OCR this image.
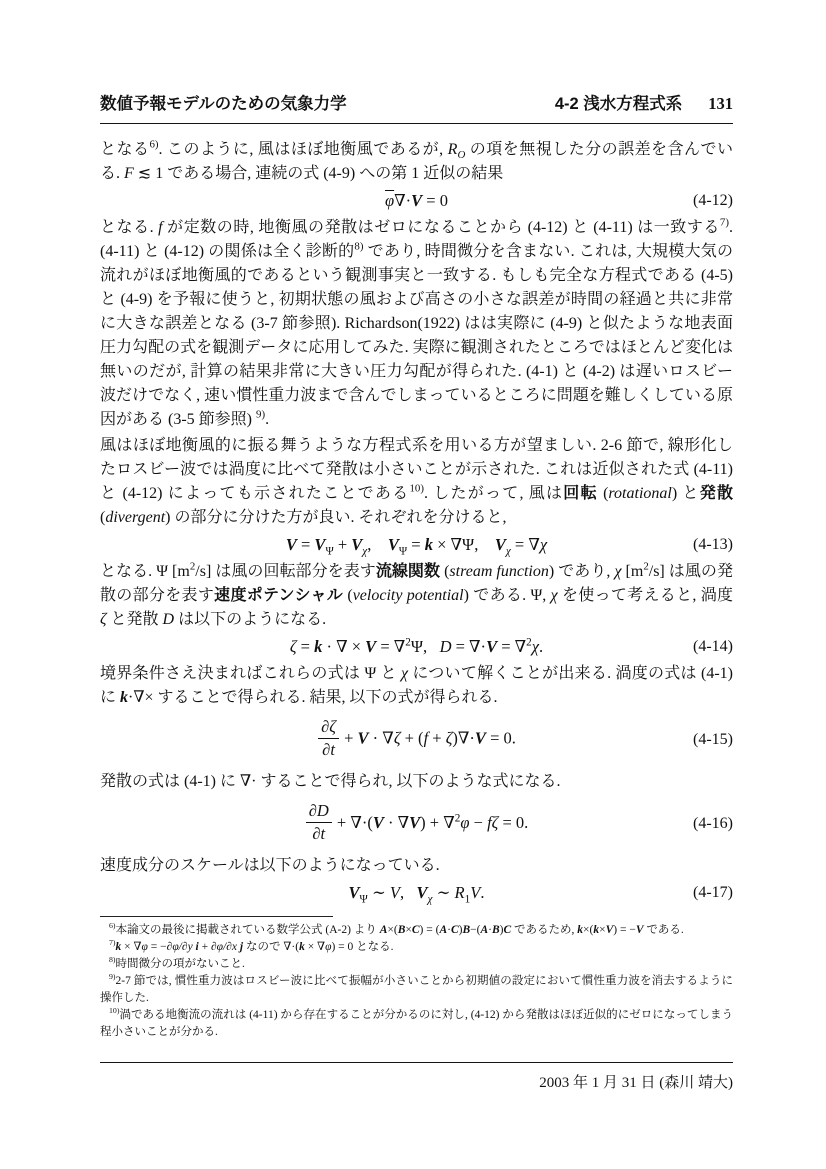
数値予報モデルのための気象力学	4-2 浅水方程式系 131

となる$^{6)}$. このように, 風はほぼ地衡風であるが, $R_O$ の項を無視した分の誤差を含んでいる. F ≲ 1 である場合, 連続の式 (4-9) への第 1 近似の結果

$\overline{\varphi}\nabla\cdot V = 0$	(4-12)

となる. f が定数の時, 地衡風の発散はゼロになることから (4-12) と (4-11) は一致する$^{7)}$. (4-11) と (4-12) の関係は全く診断的$^{8)}$ であり, 時間微分を含まない. これは, 大規模大気の流れがほぼ地衡風的であるという観測事実と一致する. もしも完全な方程式である (4-5) と (4-9) を予報に使うと, 初期状態の風および高さの小さな誤差が時間の経過と共に非常に大きな誤差となる (3-7 節参照). Richardson(1922) はは実際に (4-9) と似たような地表面圧力勾配の式を観測データに応用してみた. 実際に観測されたところではほとんど変化は無いのだが, 計算の結果非常に大きい圧力勾配が得られた. (4-1) と (4-2) は遅いロスビー波だけでなく, 速い慣性重力波まで含んでしまっているところに問題を難しくしている原因がある (3-5 節参照) $^{9)}$.

風はほぼ地衡風的に振る舞うような方程式系を用いる方が望ましい. 2-6 節で, 線形化したロスビー波では渦度に比べて発散は小さいことが示された. これは近似された式 (4-11) と (4-12) によっても示されたことである$^{10)}$. したがって, 風は回転 (rotational) と発散 (divergent) の部分に分けた方が良い. それぞれを分けると,

$V = V_\Psi + V_\chi$,    $V_\Psi = k \times \nabla\Psi$,    $V_\chi = \nabla\chi$	(4-13)

となる. Ψ $[m^2/s]$ は風の回転部分を表す流線関数 (stream function) であり, χ $[m^2/s]$ は風の発散の部分を表す速度ポテンシャル (velocity potential) である. Ψ, χ を使って考えると, 渦度 ζ と発散 D は以下のようになる.

ζ = k · ∇ × V = ∇$^2$Ψ,   D = ∇·V = ∇$^2$χ.	(4-14)

境界条件さえ決まればこれらの式は Ψ と χ について解くことが出来る. 渦度の式は (4-1) に k·∇× することで得られる. 結果, 以下の式が得られる.

$\frac{\partial\zeta}{\partial t} + V \cdot \nabla\zeta + (f + \zeta)\nabla\cdot V = 0$.	(4-15)

発散の式は (4-1) に ∇· することで得られ, 以下のような式になる.

$\frac{\partial D}{\partial t} + \nabla\cdot(V \cdot \nabla V) + \nabla^2\varphi - f\zeta = 0$.	(4-16)

速度成分のスケールは以下のようになっている.

$V_\Psi$ ∼ V,   $V_\chi$ ∼ $R_1V$.	(4-17)

$^{6)}$本論文の最後に掲載されている数学公式 (A-2) より A×(B×C) = (A·C)B−(A·B)C であるため, k×(k×V) = −V である.

$^{7)}$k × ∇φ = −∂φ/∂y i + ∂φ/∂x j なので ∇·(k × ∇φ) = 0 となる.

$^{8)}$時間微分の項がないこと.

$^{9)}$2-7 節では, 慣性重力波はロスビー波に比べて振幅が小さいことから初期値の設定において慣性重力波を消去するように操作した.

$^{10)}$渦である地衡流の流れは (4-11) から存在することが分かるのに対し, (4-12) から発散はほぼ近似的にゼロになってしまう程小さいことが分かる.

2003 年 1 月 31 日 (森川 靖大)
